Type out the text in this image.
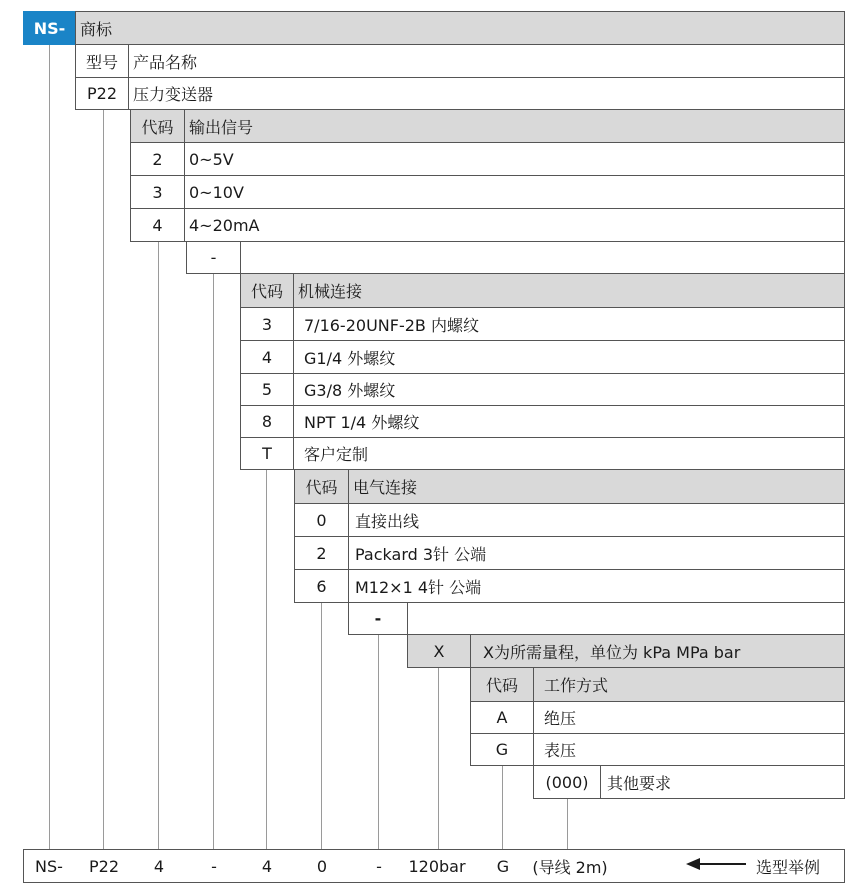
NS- 商标
型号 产品名称
P22	压力变送器
代码 输出信号
2	0~5V
3	0~10V
4	4~20mA
-
代码 机械连接
3	7/16-20UNF-2B 内螺纹
4	G1/4 外螺纹
5	G3/8 外螺纹
8	NPT 1/4 外螺纹
T	客户定制
代码 电气连接
0	直接出线
2	Packard 3针 公端
6	M12×1 4针 公端
-
X	X为所需量程，单位为 kPa MPa bar
代码	工作方式
A	绝压
G	表压
(000)	其他要求
NS- P22 4	-	4	0	- 120bar G (导线 2m)	选型举例
